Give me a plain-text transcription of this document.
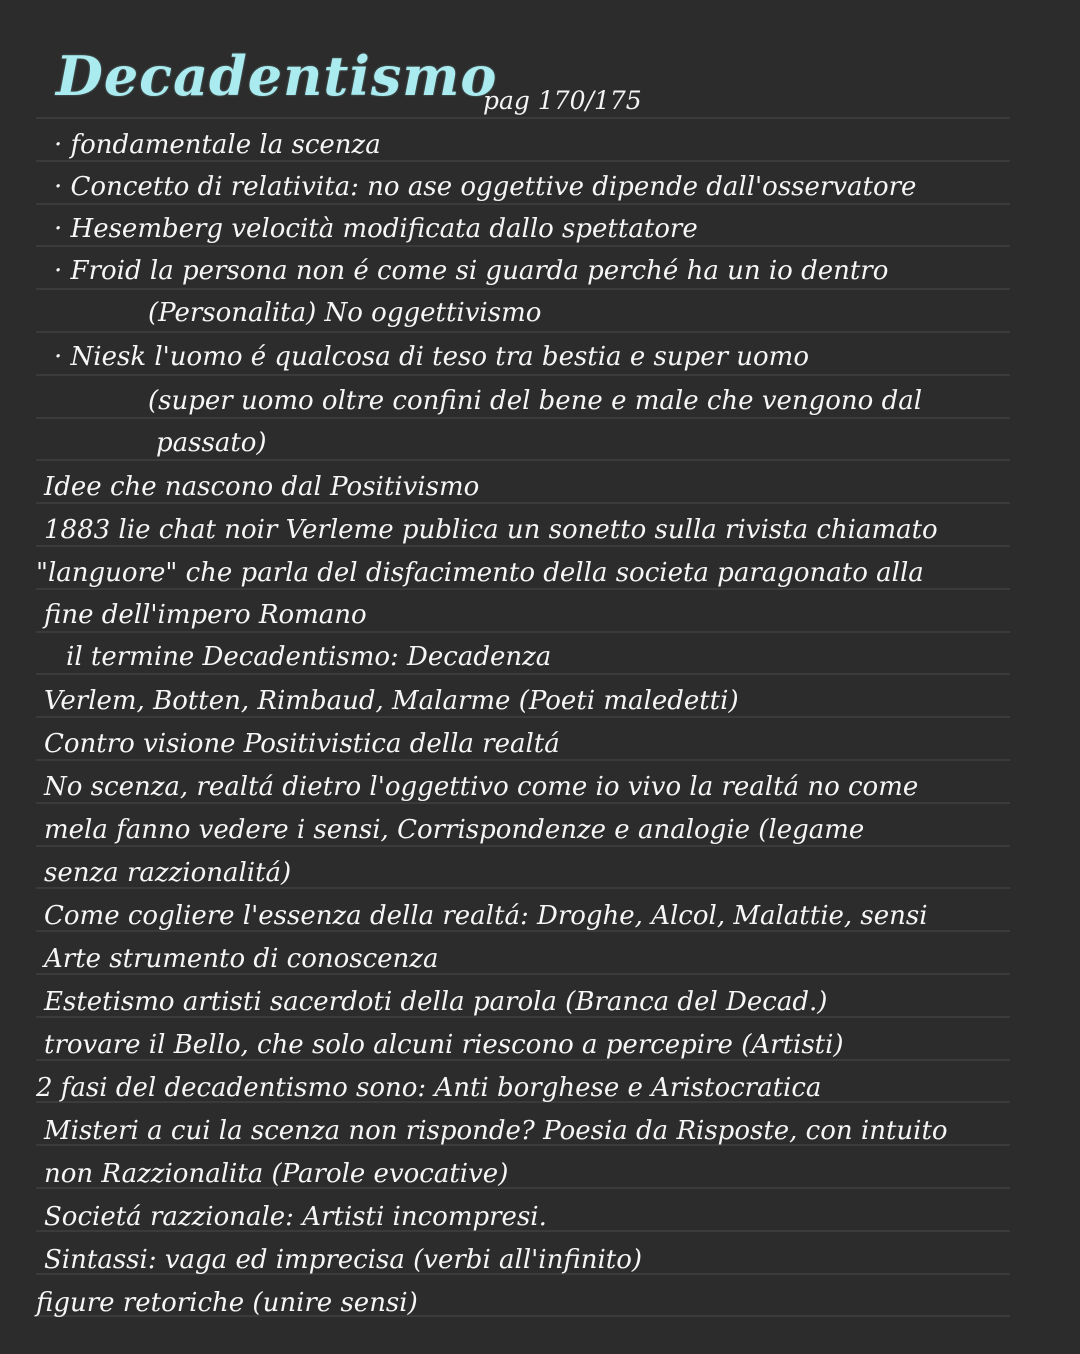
Decadentismo
pag 170/175
· fondamentale la scenza
· Concetto di relativita: no ase oggettive dipende dall'osservatore
· Hesemberg velocità modificata dallo spettatore
· Froid la persona non é come si guarda perché ha un io dentro
(Personalita) No oggettivismo
· Niesk l'uomo é qualcosa di teso tra bestia e super uomo
(super uomo oltre confini del bene e male che vengono dal
passato)
Idee che nascono dal Positivismo
1883 lie chat noir Verleme publica un sonetto sulla rivista chiamato
"languore" che parla del disfacimento della societa paragonato alla
fine dell'impero Romano
il termine Decadentismo: Decadenza
Verlem, Botten, Rimbaud, Malarme (Poeti maledetti)
Contro visione Positivistica della realtá
No scenza, realtá dietro l'oggettivo come io vivo la realtá no come
mela fanno vedere i sensi, Corrispondenze e analogie (legame
senza razzionalitá)
Come cogliere l'essenza della realtá: Droghe, Alcol, Malattie, sensi
Arte strumento di conoscenza
Estetismo artisti sacerdoti della parola (Branca del Decad.)
trovare il Bello, che solo alcuni riescono a percepire (Artisti)
2 fasi del decadentismo sono: Anti borghese e Aristocratica
Misteri a cui la scenza non risponde? Poesia da Risposte, con intuito
non Razzionalita (Parole evocative)
Societá razzionale: Artisti incompresi.
Sintassi: vaga ed imprecisa (verbi all'infinito)
figure retoriche (unire sensi)
